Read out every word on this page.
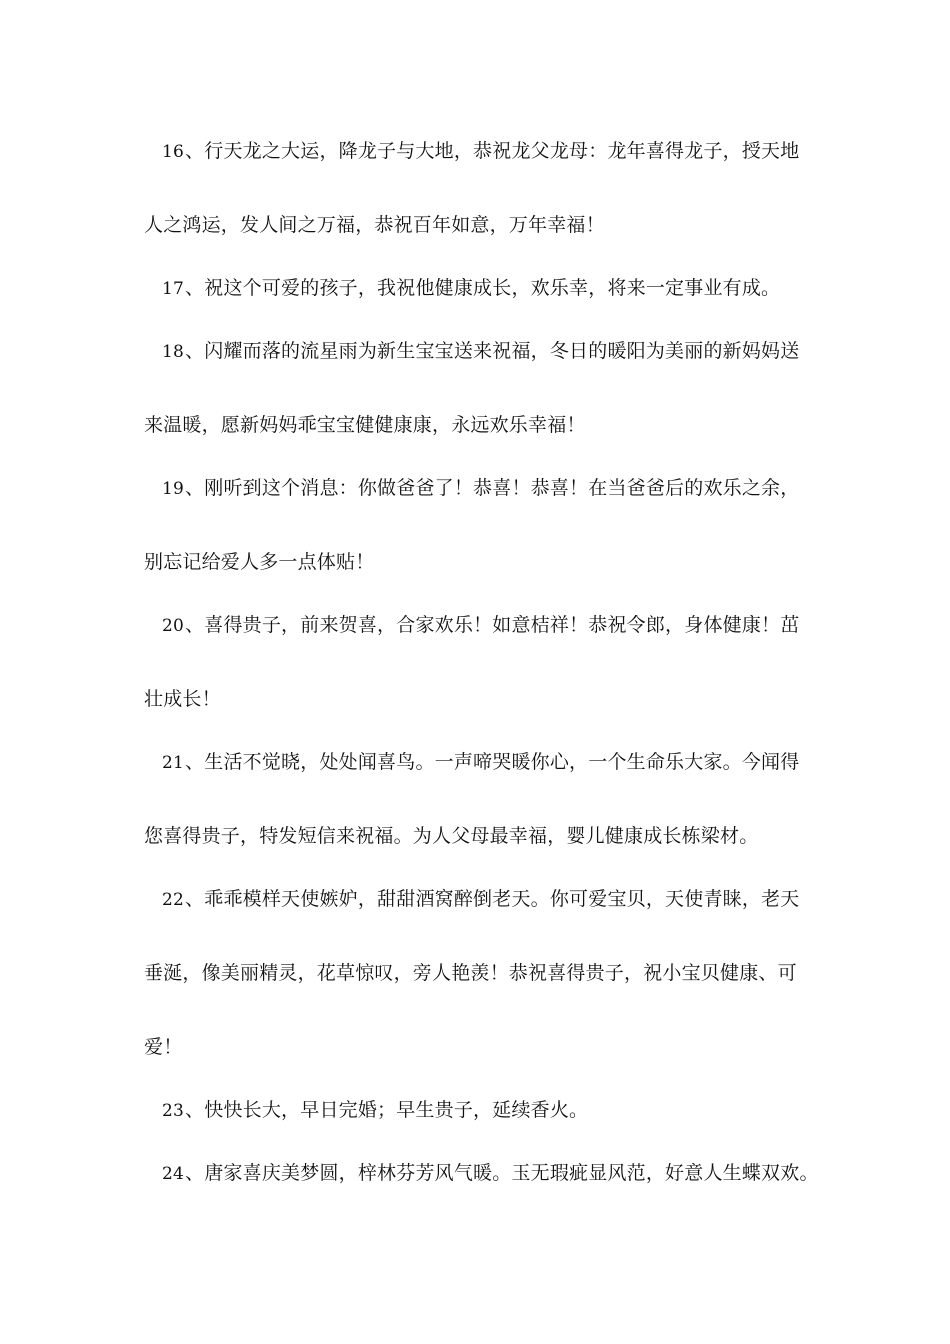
16、行天龙之大运，降龙子与大地，恭祝龙父龙母：龙年喜得龙子，授天地
人之鸿运，发人间之万福，恭祝百年如意，万年幸福！
17、祝这个可爱的孩子，我祝他健康成长，欢乐幸，将来一定事业有成。
18、闪耀而落的流星雨为新生宝宝送来祝福，冬日的暖阳为美丽的新妈妈送
来温暖，愿新妈妈乖宝宝健健康康，永远欢乐幸福！
19、刚听到这个消息：你做爸爸了！恭喜！恭喜！在当爸爸后的欢乐之余，
别忘记给爱人多一点体贴！
20、喜得贵子，前来贺喜，合家欢乐！如意桔祥！恭祝令郎，身体健康！茁
壮成长！
21、生活不觉晓，处处闻喜鸟。一声啼哭暖你心，一个生命乐大家。今闻得
您喜得贵子，特发短信来祝福。为人父母最幸福，婴儿健康成长栋梁材。
22、乖乖模样天使嫉妒，甜甜酒窝醉倒老天。你可爱宝贝，天使青睐，老天
垂涎，像美丽精灵，花草惊叹，旁人艳羡！恭祝喜得贵子，祝小宝贝健康、可
爱！
23、快快长大，早日完婚；早生贵子，延续香火。
24、唐家喜庆美梦圆，梓林芬芳风气暖。玉无瑕疵显风范，好意人生蝶双欢。
